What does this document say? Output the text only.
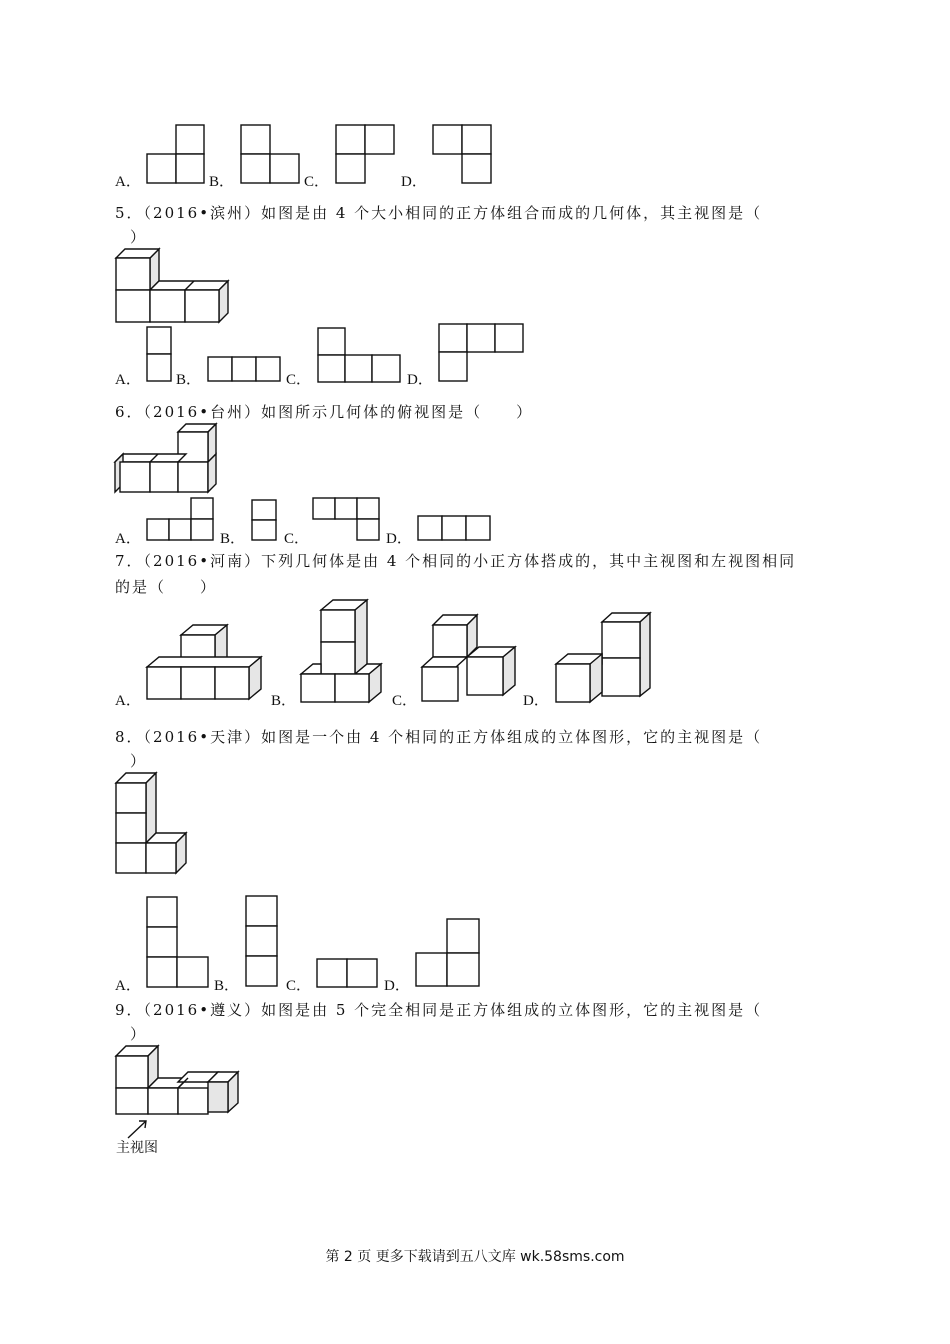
A．	B．	C．	D．
5．（2016•滨州）如图是由 4 个大小相同的正方体组合而成的几何体，其主视图是（
）
A． B．	C．	D．
6．（2016•台州）如图所示几何体的俯视图是（　　）
A．	B．	C．	D．
7．（2016•河南）下列几何体是由 4 个相同的小正方体搭成的，其中主视图和左视图相同
的是（　　）
A．	B．	C．	D．
8．（2016•天津）如图是一个由 4 个相同的正方体组成的立体图形，它的主视图是（
）
A．	B．	C．	D．
9．（2016•遵义）如图是由 5 个完全相同是正方体组成的立体图形，它的主视图是（
）
主视图
第 2 页 更多下载请到五八文库 wk.58sms.com
